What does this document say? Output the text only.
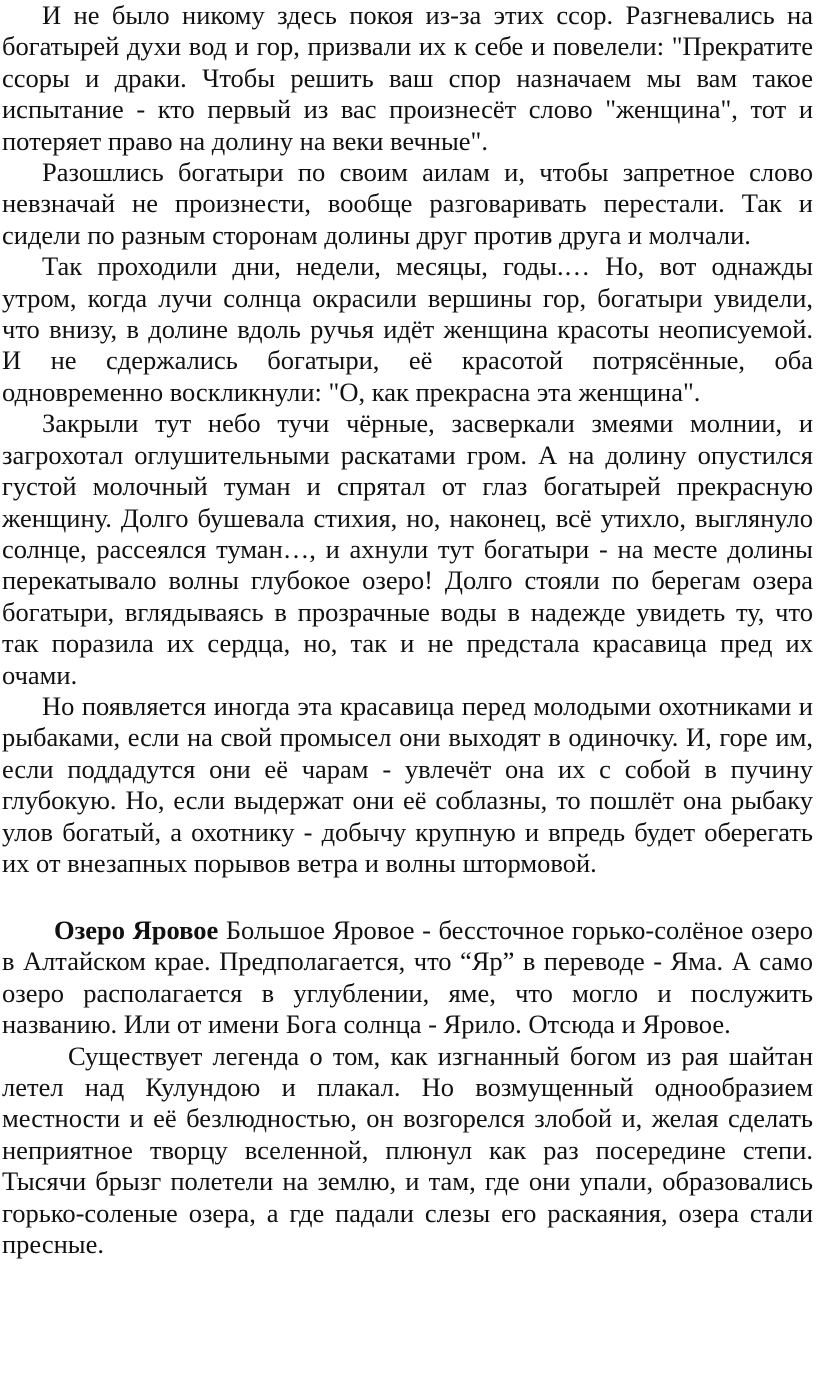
И не было никому здесь покоя из-за этих ссор. Разгневались на богатырей духи вод и гор, призвали их к себе и повелели: "Прекратите ссоры и драки. Чтобы решить ваш спор назначаем мы вам такое испытание - кто первый из вас произнесёт слово "женщина", тот и потеряет право на долину на веки вечные".

Разошлись богатыри по своим аилам и, чтобы запретное слово невзначай не произнести, вообще разговаривать перестали. Так и сидели по разным сторонам долины друг против друга и молчали.

Так проходили дни, недели, месяцы, годы.… Но, вот однажды утром, когда лучи солнца окрасили вершины гор, богатыри увидели, что внизу, в долине вдоль ручья идёт женщина красоты неописуемой. И не сдержались богатыри, её красотой потрясённые, оба одновременно воскликнули: "О, как прекрасна эта женщина".

Закрыли тут небо тучи чёрные, засверкали змеями молнии, и загрохотал оглушительными раскатами гром. А на долину опустился густой молочный туман и спрятал от глаз богатырей прекрасную женщину. Долго бушевала стихия, но, наконец, всё утихло, выглянуло солнце, рассеялся туман…, и ахнули тут богатыри - на месте долины перекатывало волны глубокое озеро! Долго стояли по берегам озера богатыри, вглядываясь в прозрачные воды в надежде увидеть ту, что так поразила их сердца, но, так и не предстала красавица пред их очами.

Но появляется иногда эта красавица перед молодыми охотниками и рыбаками, если на свой промысел они выходят в одиночку. И, горе им, если поддадутся они её чарам - увлечёт она их с собой в пучину глубокую. Но, если выдержат они её соблазны, то пошлёт она рыбаку улов богатый, а охотнику - добычу крупную и впредь будет оберегать их от внезапных порывов ветра и волны штормовой.

Озеро Яровое Большое Яровое - бессточное горько-солёное озеро в Алтайском крае. Предполагается, что “Яр” в переводе - Яма. А само озеро располагается в углублении, яме, что могло и послужить названию. Или от имени Бога солнца - Ярило. Отсюда и Яровое.

Существует легенда о том, как изгнанный богом из рая шайтан летел над Кулундою и плакал. Но возмущенный однообразием местности и её безлюдностью, он возгорелся злобой и, желая сделать неприятное творцу вселенной, плюнул как раз посередине степи. Тысячи брызг полетели на землю, и там, где они упали, образовались горько-соленые озера, а где падали слезы его раскаяния, озера стали пресные.
